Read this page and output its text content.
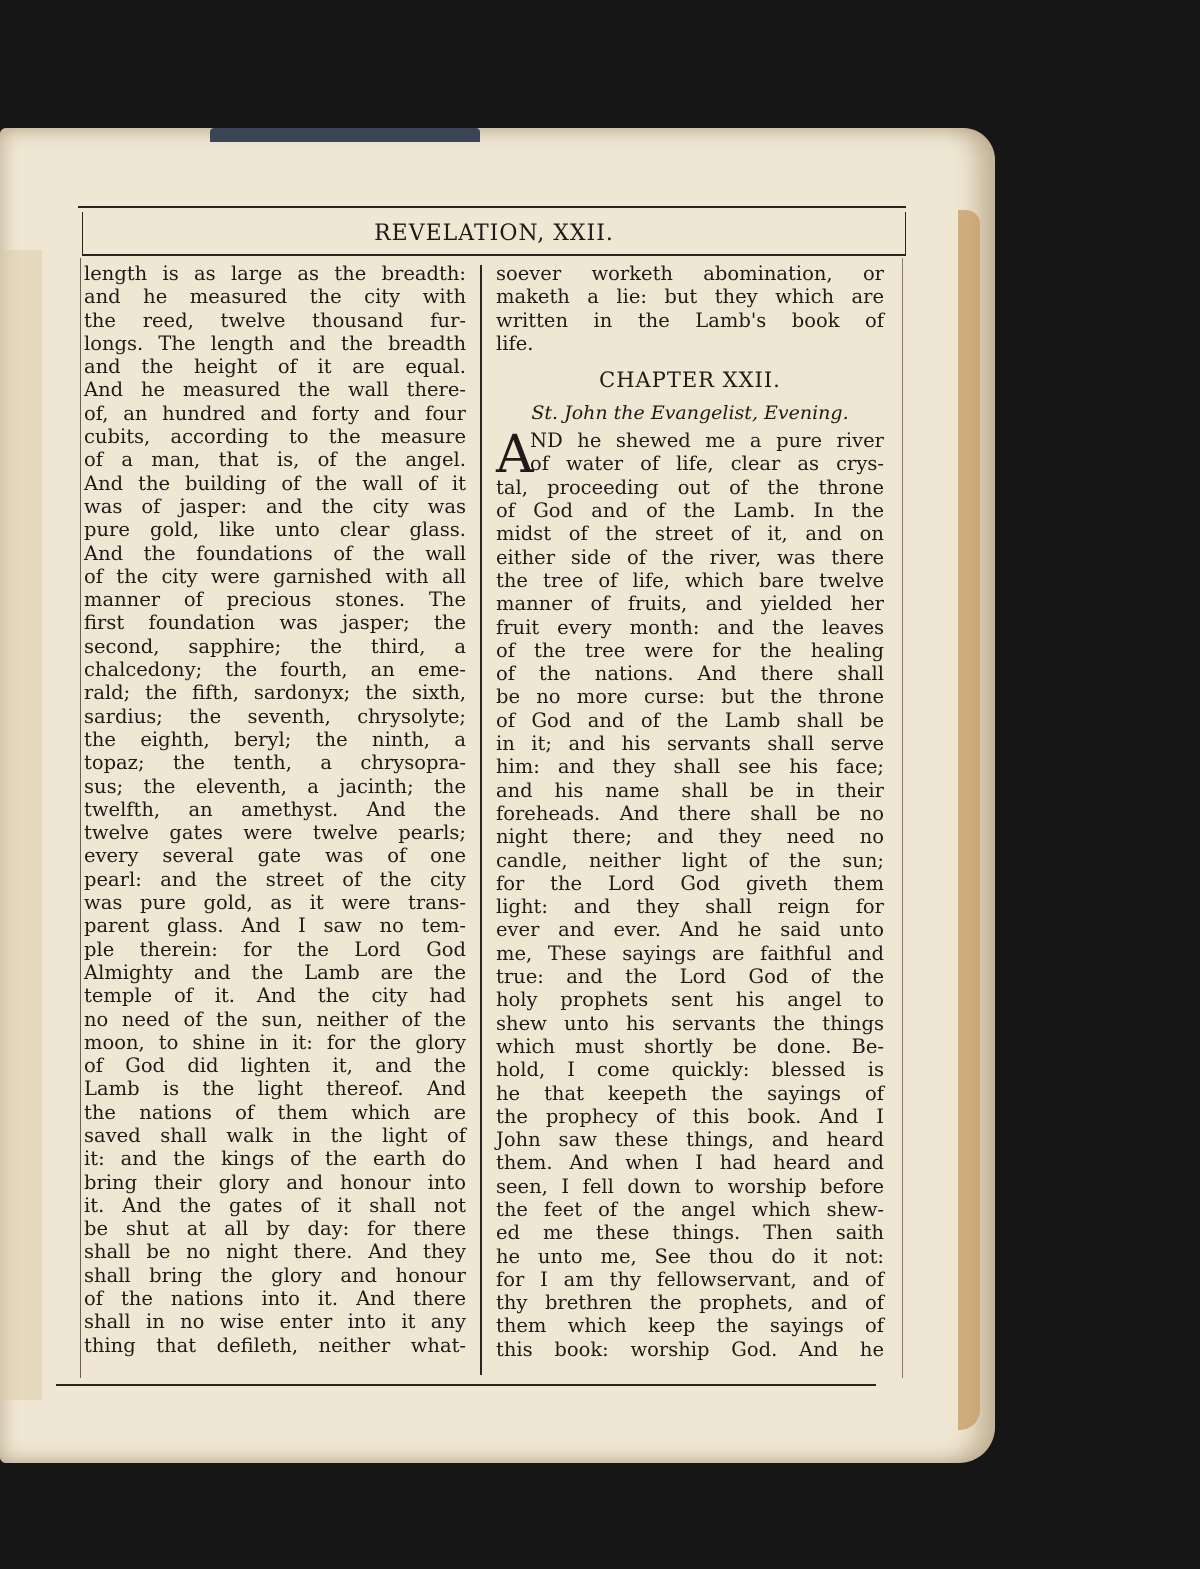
REVELATION, XXII.
length is as large as the breadth:
and he measured the city with
the reed, twelve thousand fur-
longs. The length and the breadth
and the height of it are equal.
And he measured the wall there-
of, an hundred and forty and four
cubits, according to the measure
of a man, that is, of the angel.
And the building of the wall of it
was of jasper: and the city was
pure gold, like unto clear glass.
And the foundations of the wall
of the city were garnished with all
manner of precious stones. The
first foundation was jasper; the
second, sapphire; the third, a
chalcedony; the fourth, an eme-
rald; the fifth, sardonyx; the sixth,
sardius; the seventh, chrysolyte;
the eighth, beryl; the ninth, a
topaz; the tenth, a chrysopra-
sus; the eleventh, a jacinth; the
twelfth, an amethyst. And the
twelve gates were twelve pearls;
every several gate was of one
pearl: and the street of the city
was pure gold, as it were trans-
parent glass. And I saw no tem-
ple therein: for the Lord God
Almighty and the Lamb are the
temple of it. And the city had
no need of the sun, neither of the
moon, to shine in it: for the glory
of God did lighten it, and the
Lamb is the light thereof. And
the nations of them which are
saved shall walk in the light of
it: and the kings of the earth do
bring their glory and honour into
it. And the gates of it shall not
be shut at all by day: for there
shall be no night there. And they
shall bring the glory and honour
of the nations into it. And there
shall in no wise enter into it any
thing that defileth, neither what-
soever worketh abomination, or
maketh a lie: but they which are
written in the Lamb's book of
life.
CHAPTER XXII.
St. John the Evangelist, Evening.
A
ND he shewed me a pure river
of water of life, clear as crys-
tal, proceeding out of the throne
of God and of the Lamb. In the
midst of the street of it, and on
either side of the river, was there
the tree of life, which bare twelve
manner of fruits, and yielded her
fruit every month: and the leaves
of the tree were for the healing
of the nations. And there shall
be no more curse: but the throne
of God and of the Lamb shall be
in it; and his servants shall serve
him: and they shall see his face;
and his name shall be in their
foreheads. And there shall be no
night there; and they need no
candle, neither light of the sun;
for the Lord God giveth them
light: and they shall reign for
ever and ever. And he said unto
me, These sayings are faithful and
true: and the Lord God of the
holy prophets sent his angel to
shew unto his servants the things
which must shortly be done. Be-
hold, I come quickly: blessed is
he that keepeth the sayings of
the prophecy of this book. And I
John saw these things, and heard
them. And when I had heard and
seen, I fell down to worship before
the feet of the angel which shew-
ed me these things. Then saith
he unto me, See thou do it not:
for I am thy fellowservant, and of
thy brethren the prophets, and of
them which keep the sayings of
this book: worship God. And he
